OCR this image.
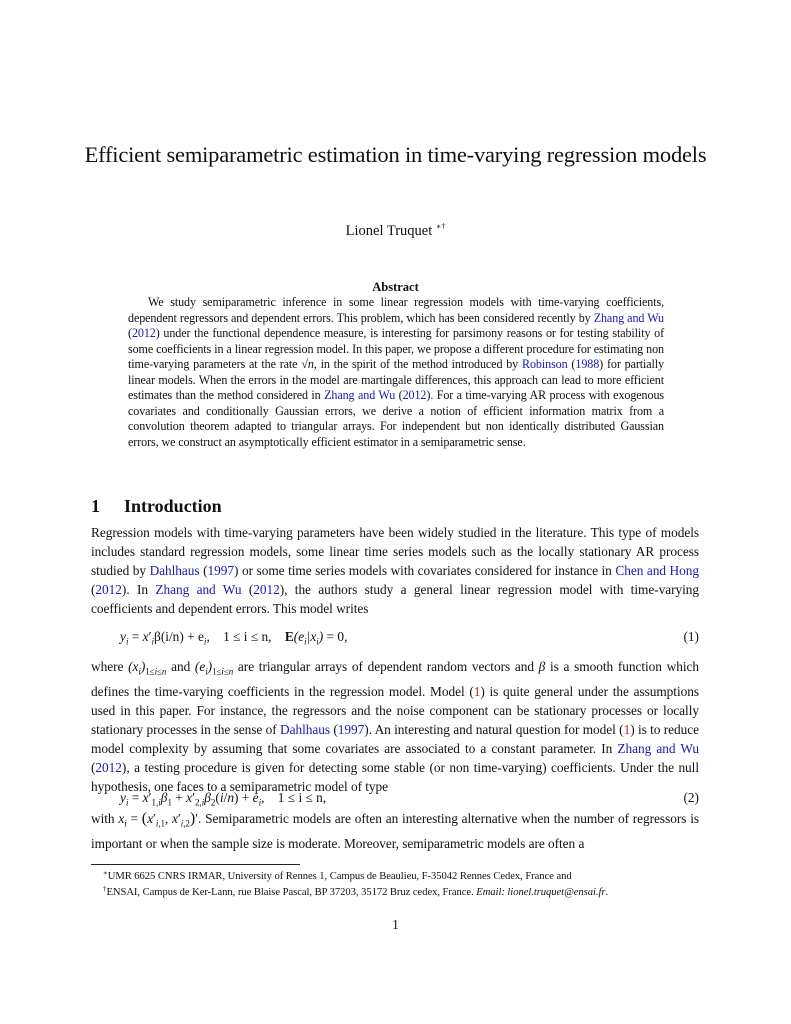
Efficient semiparametric estimation in time-varying regression models
Lionel Truquet ∗†
Abstract
We study semiparametric inference in some linear regression models with time-varying coefficients, dependent regressors and dependent errors. This problem, which has been considered recently by Zhang and Wu (2012) under the functional dependence measure, is interesting for parsimony reasons or for testing stability of some coefficients in a linear regression model. In this paper, we propose a different procedure for estimating non time-varying parameters at the rate √n, in the spirit of the method introduced by Robinson (1988) for partially linear models. When the errors in the model are martingale differences, this approach can lead to more efficient estimates than the method considered in Zhang and Wu (2012). For a time-varying AR process with exogenous covariates and conditionally Gaussian errors, we derive a notion of efficient information matrix from a convolution theorem adapted to triangular arrays. For independent but non identically distributed Gaussian errors, we construct an asymptotically efficient estimator in a semiparametric sense.
1 Introduction
Regression models with time-varying parameters have been widely studied in the literature. This type of models includes standard regression models, some linear time series models such as the locally stationary AR process studied by Dahlhaus (1997) or some time series models with covariates considered for instance in Chen and Hong (2012). In Zhang and Wu (2012), the authors study a general linear regression model with time-varying coefficients and dependent errors. This model writes
$y_i = x'_i\beta(i/n) + e_i$,    1 ≤ i ≤ n, $E(e_i|x_i) = 0$,	(1)
where $(x_i)_{1\le i\le n}$ and $(e_i)_{1\le i\le n}$ are triangular arrays of dependent random vectors and β is a smooth function which defines the time-varying coefficients in the regression model. Model (1) is quite general under the assumptions used in this paper. For instance, the regressors and the noise component can be stationary processes or locally stationary processes in the sense of Dahlhaus (1997). An interesting and natural question for model (1) is to reduce model complexity by assuming that some covariates are associated to a constant parameter. In Zhang and Wu (2012), a testing procedure is given for detecting some stable (or non time-varying) coefficients. Under the null hypothesis, one faces to a semiparametric model of type
$y_i = x'_{1,i}\beta_1 + x'_{2,i}\beta_2(i/n) + e_i$,    1 ≤ i ≤ n,	(2)
with $x_i = (x'_{i,1}$, $x'_{i,2})'$. Semiparametric models are often an interesting alternative when the number of regressors is important or when the sample size is moderate. Moreover, semiparametric models are often a
∗UMR 6625 CNRS IRMAR, University of Rennes 1, Campus de Beaulieu, F-35042 Rennes Cedex, France and
†ENSAI, Campus de Ker-Lann, rue Blaise Pascal, BP 37203, 35172 Bruz cedex, France. Email: lionel.truquet@ensai.fr.
1
